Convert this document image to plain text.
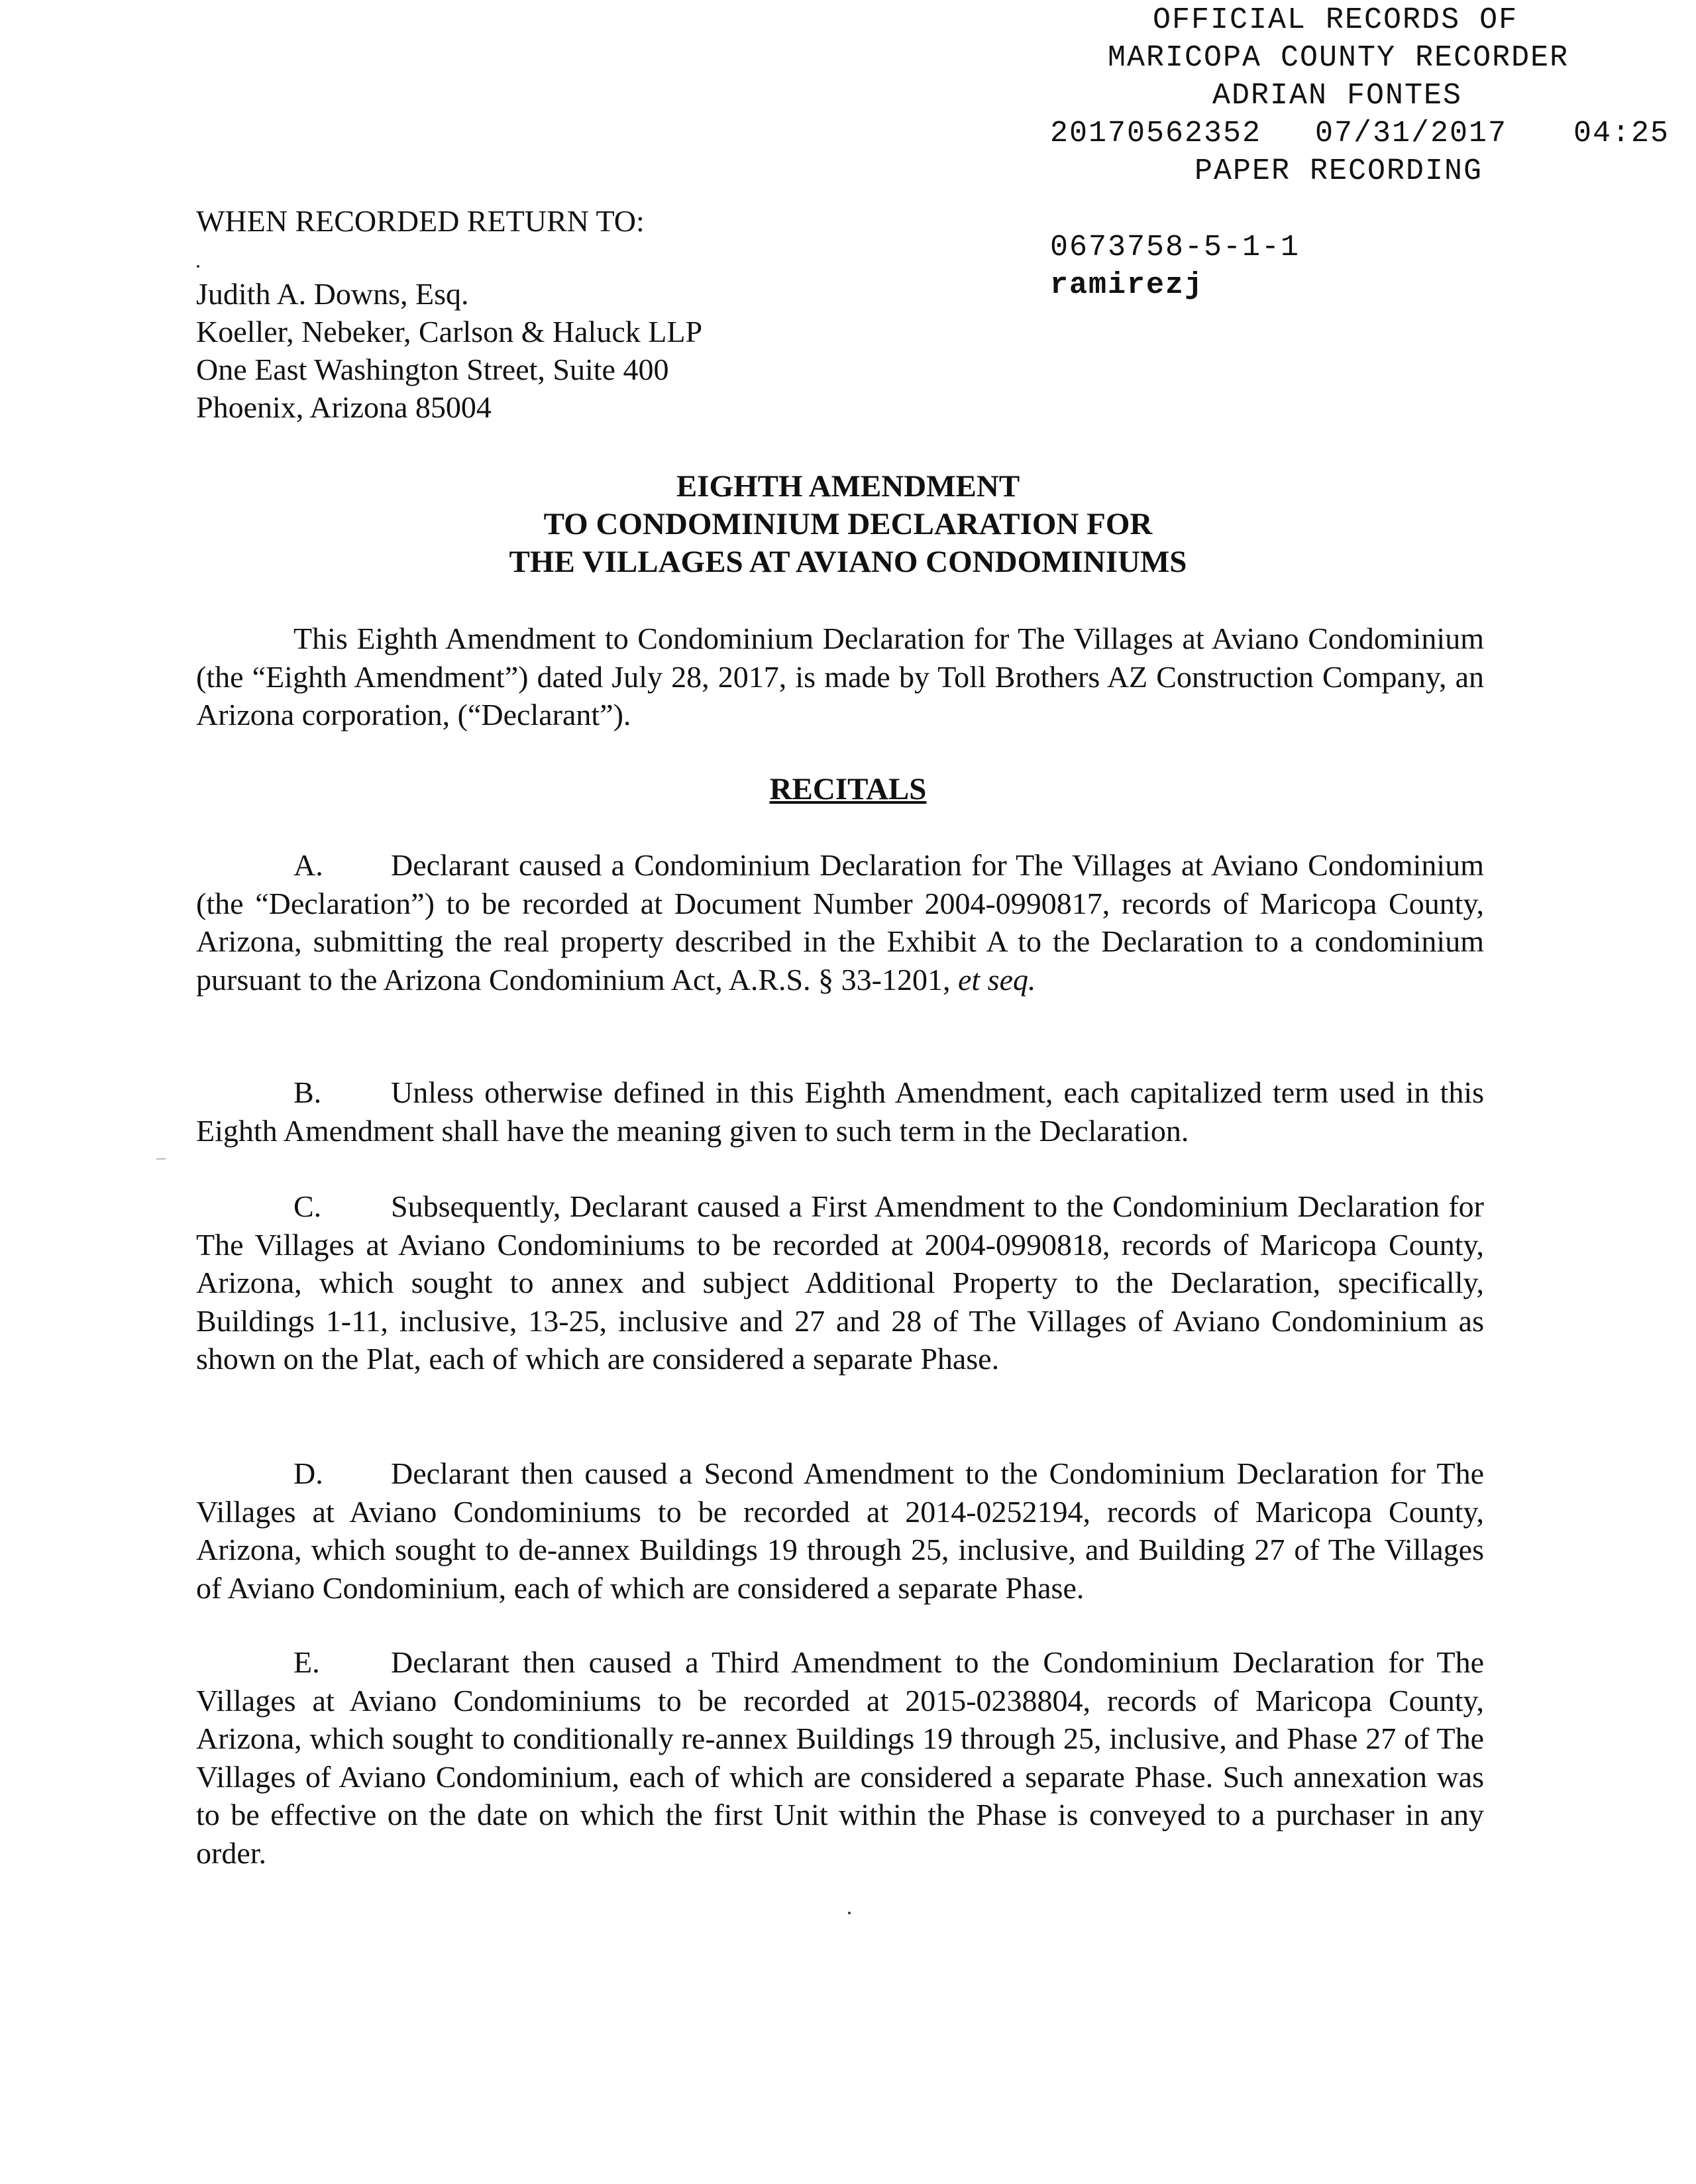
OFFICIAL RECORDS OF
MARICOPA COUNTY RECORDER
ADRIAN FONTES
20170562352 07/31/2017 04:25
PAPER RECORDING
0673758-5-1-1
ramirezj
WHEN RECORDED RETURN TO:
Judith A. Downs, Esq.
Koeller, Nebeker, Carlson & Haluck LLP
One East Washington Street, Suite 400
Phoenix, Arizona 85004
EIGHTH AMENDMENT
TO CONDOMINIUM DECLARATION FOR
THE VILLAGES AT AVIANO CONDOMINIUMS
This Eighth Amendment to Condominium Declaration for The Villages at Aviano Condominium (the “Eighth Amendment”) dated July 28, 2017, is made by Toll Brothers AZ Construction Company, an Arizona corporation, (“Declarant”).
RECITALS
A. Declarant caused a Condominium Declaration for The Villages at Aviano Condominium (the “Declaration”) to be recorded at Document Number 2004-0990817, records of Maricopa County, Arizona, submitting the real property described in the Exhibit A to the Declaration to a condominium pursuant to the Arizona Condominium Act, A.R.S. § 33-1201, et seq.
B. Unless otherwise defined in this Eighth Amendment, each capitalized term used in this Eighth Amendment shall have the meaning given to such term in the Declaration.
C. Subsequently, Declarant caused a First Amendment to the Condominium Declaration for The Villages at Aviano Condominiums to be recorded at 2004-0990818, records of Maricopa County, Arizona, which sought to annex and subject Additional Property to the Declaration, specifically, Buildings 1-11, inclusive, 13-25, inclusive and 27 and 28 of The Villages of Aviano Condominium as shown on the Plat, each of which are considered a separate Phase.
D. Declarant then caused a Second Amendment to the Condominium Declaration for The Villages at Aviano Condominiums to be recorded at 2014-0252194, records of Maricopa County, Arizona, which sought to de-annex Buildings 19 through 25, inclusive, and Building 27 of The Villages of Aviano Condominium, each of which are considered a separate Phase.
E. Declarant then caused a Third Amendment to the Condominium Declaration for The Villages at Aviano Condominiums to be recorded at 2015-0238804, records of Maricopa County, Arizona, which sought to conditionally re-annex Buildings 19 through 25, inclusive, and Phase 27 of The Villages of Aviano Condominium, each of which are considered a separate Phase. Such annexation was to be effective on the date on which the first Unit within the Phase is conveyed to a purchaser in any order.
